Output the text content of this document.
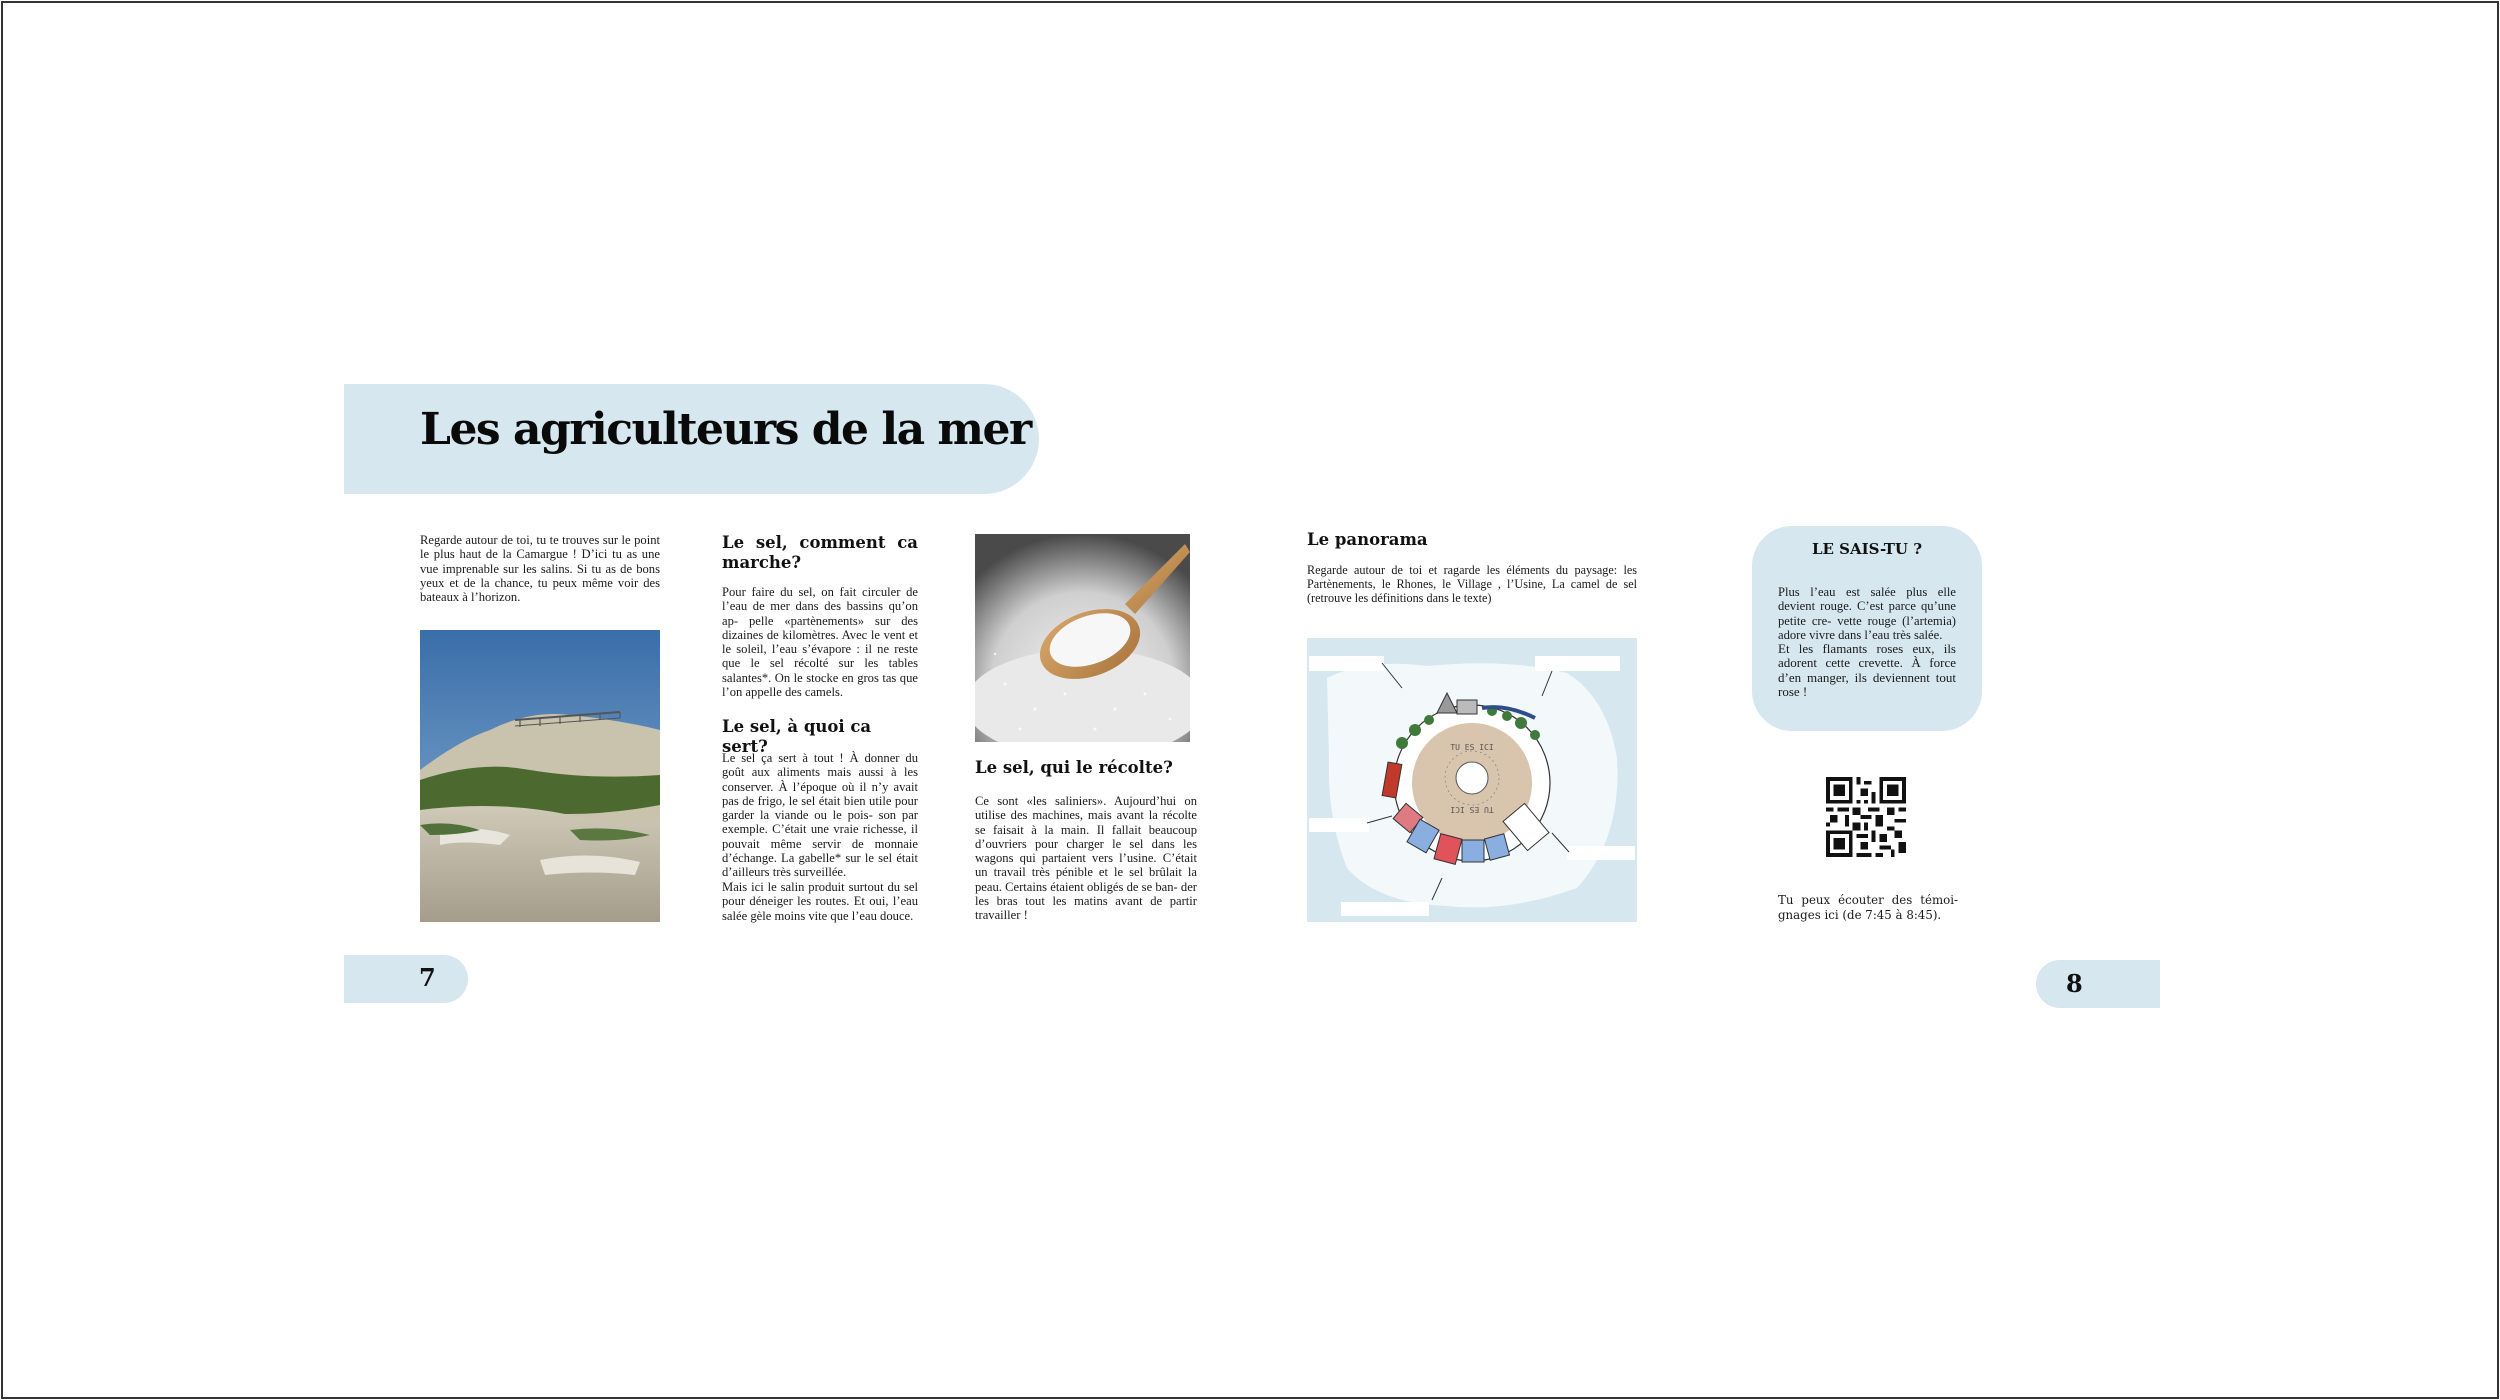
Les agriculteurs de la mer
Regarde autour de toi, tu te trouves sur le point le plus haut de la Camargue ! D’ici tu as une vue imprenable sur les salins. Si tu as de bons yeux et de la chance, tu peux même voir des bateaux à l’horizon.
Le sel, comment ca marche?
Pour faire du sel, on fait circuler de l’eau de mer dans des bassins qu’on ap- pelle «partènements» sur des dizaines de kilomètres. Avec le vent et le soleil, l’eau s’évapore : il ne reste que le sel récolté sur les tables salantes*. On le stocke en gros tas que l’on appelle des camels.
Le sel, à quoi ca sert?
Le sel ça sert à tout ! À donner du goût aux aliments mais aussi à les conserver. À l’époque où il n’y avait pas de frigo, le sel était bien utile pour garder la viande ou le pois- son par exemple. C’était une vraie richesse, il pouvait même servir de monnaie d’échange. La gabelle* sur le sel était d’ailleurs très surveillée.
Mais ici le salin produit surtout du sel pour déneiger les routes. Et oui, l’eau salée gèle moins vite que l’eau douce.
Le sel, qui le récolte?
Ce sont «les saliniers». Aujourd’hui on utilise des machines, mais avant la récolte se faisait à la main. Il fallait beaucoup d’ouvriers pour charger le sel dans les wagons qui partaient vers l’usine. C’était un travail très pénible et le sel brûlait la peau. Certains étaient obligés de se ban- der les bras tout les matins avant de partir travailler !
Le panorama
Regarde autour de toi et ragarde les éléments du paysage: les Partènements, le Rhones, le Village , l’Usine, La camel de sel (retrouve les définitions dans le texte)
TU ES ICI
TU ES ICI
LE SAIS-TU ?
Plus l’eau est salée plus elle devient rouge. C’est parce qu’une petite cre- vette rouge (l’artemia) adore vivre dans l’eau très salée.
Et les flamants roses eux, ils adorent cette crevette. À force d’en manger, ils deviennent tout rose !
Tu peux écouter des témoi- gnages ici (de 7:45 à 8:45).
7	8
